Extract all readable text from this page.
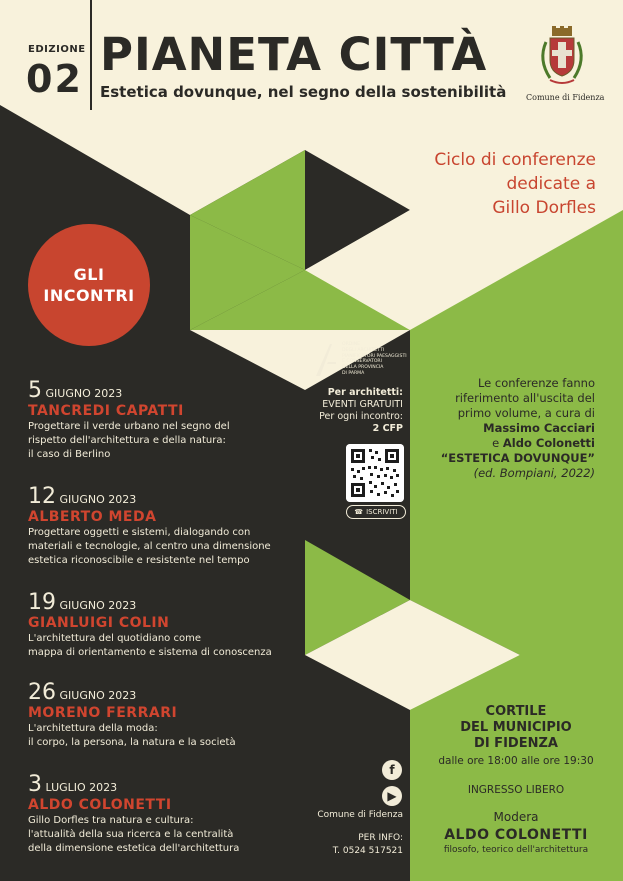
EDIZIONE
02 PIANETA CITTÀ
Estetica dovunque, nel segno della sostenibilità Comune di Fidenza
Ciclo di conferenze
dedicate a
Gillo Dorfles
GLI
INCONTRI
5 GIUGNO 2023
TANCREDI CAPATTI
Progettare il verde urbano nel segno del
rispetto dell'architettura e della natura:
il caso di Berlino
12 GIUGNO 2023
ALBERTO MEDA
Progettare oggetti e sistemi, dialogando con
materiali e tecnologie, al centro una dimensione
estetica riconoscibile e resistente nel tempo
19 GIUGNO 2023
GIANLUIGI COLIN
L'architettura del quotidiano come
mappa di orientamento e sistema di conoscenza
26 GIUGNO 2023
MORENO FERRARI
L'architettura della moda:
il corpo, la persona, la natura e la società
3 LUGLIO 2023
ALDO COLONETTI
Gillo Dorfles tra natura e cultura:
l'attualità della sua ricerca e la centralità
della dimensione estetica dell'architettura
ORDINE
DEGLI ARCHITETTI
PIANIFICATORI PAESAGGISTI
E CONSERVATORI
DELLA PROVINCIA
DI PARMA
Per architetti:
EVENTI GRATUITI
Per ogni incontro:
2 CFP
☎ ISCRIVITI
f
▶
Comune di Fidenza
PER INFO:
T. 0524 517521
Le conferenze fanno
riferimento all'uscita del
primo volume, a cura di
Massimo Cacciari
e Aldo Colonetti
“ESTETICA DOVUNQUE”
(ed. Bompiani, 2022)
CORTILE
DEL MUNICIPIO
DI FIDENZA
dalle ore 18:00 alle ore 19:30
INGRESSO LIBERO
Modera
ALDO COLONETTI
filosofo, teorico dell'architettura
